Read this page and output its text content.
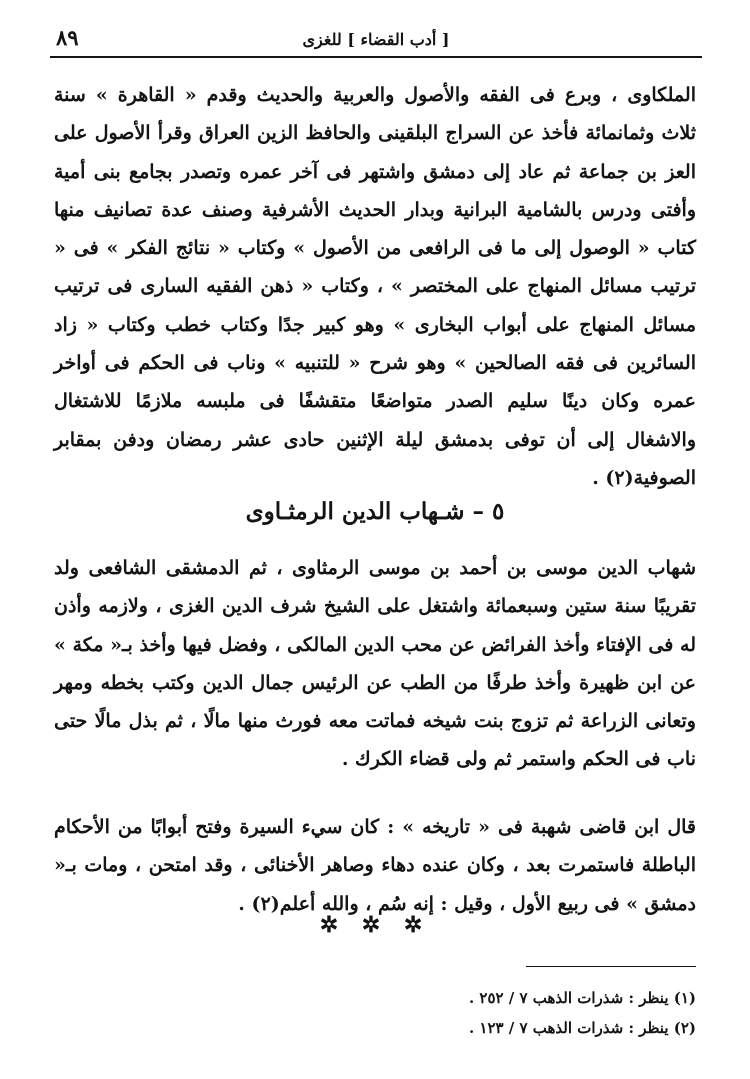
[ أدب القضاء ] للغزى
٨٩

الملكاوى ، وبرع فى الفقه والأصول والعربية والحديث وقدم « القاهرة » سنة ثلاث وثمانمائة فأخذ عن السراج البلقينى والحافظ الزين العراق وقرأ الأصول على العز بن جماعة ثم عاد إلى دمشق واشتهر فى آخر عمره وتصدر بجامع بنى أمية وأفتى ودرس بالشامية البرانية وبدار الحديث الأشرفية وصنف عدة تصانيف منها كتاب « الوصول إلى ما فى الرافعى من الأصول » وكتاب « نتائج الفكر » فى « ترتيب مسائل المنهاج على المختصر » ، وكتاب « ذهن الفقيه السارى فى ترتيب مسائل المنهاج على أبواب البخارى » وهو كبير جدًا وكتاب خطب وكتاب « زاد السائرين فى فقه الصالحين » وهو شرح « للتنبيه » وناب فى الحكم فى أواخر عمره وكان دينًا سليم الصدر متواضعًا متقشفًا فى ملبسه ملازمًا للاشتغال والاشغال إلى أن توفى بدمشق ليلة الإثنين حادى عشر رمضان ودفن بمقابر الصوفية(٢) .

٥ – شـهاب الدين الرمثـاوى

شهاب الدين موسى بن أحمد بن موسى الرمثاوى ، ثم الدمشقى الشافعى ولد تقريبًا سنة ستين وسبعمائة واشتغل على الشيخ شرف الدين الغزى ، ولازمه وأذن له فى الإفتاء وأخذ الفرائض عن محب الدين المالكى ، وفضل فيها وأخذ بـ« مكة » عن ابن ظهيرة وأخذ طرفًا من الطب عن الرئيس جمال الدين وكتب بخطه ومهر وتعانى الزراعة ثم تزوج بنت شيخه فماتت معه فورث منها مالًا ، ثم بذل مالًا حتى ناب فى الحكم واستمر ثم ولى قضاء الكرك .

قال ابن قاضى شهبة فى « تاريخه » : كان سيء السيرة وفتح أبوابًا من الأحكام الباطلة فاستمرت بعد ، وكان عنده دهاء وصاهر الأخنائى ، وقد امتحن ، ومات بـ« دمشق » فى ربيع الأول ، وقيل : إنه سُم ، والله أعلم(٢) .

✲ ✲ ✲
(١) ينظر : شذرات الذهب ٧ / ٢٥٢ .
(٢) ينظر : شذرات الذهب ٧ / ١٢٣ .
